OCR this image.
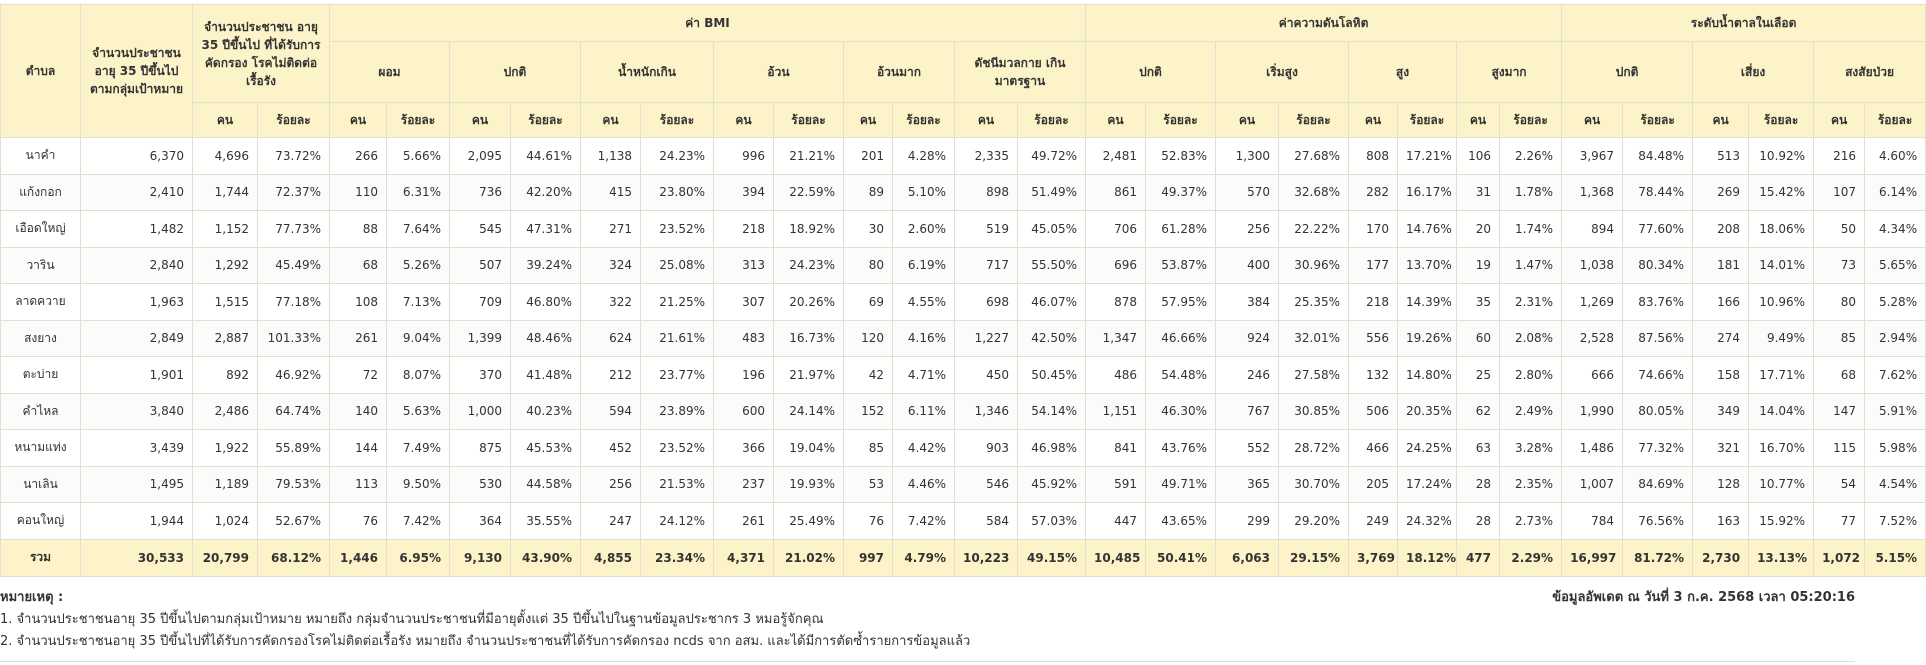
ตำบล	จำนวนประชาชน อายุ 35 ปีขึ้นไป ตามกลุ่มเป้าหมาย	จำนวนประชาชน อายุ 35 ปีขึ้นไป ที่ได้รับการคัดกรอง โรคไม่ติดต่อเรื้อรัง		ค่า BMI												ค่าความดันโลหิต								ระดับน้ำตาลในเลือด					
				ผอม		ปกติ		น้ำหนักเกิน		อ้วน		อ้วนมาก		ดัชนีมวลกาย เกินมาตรฐาน		ปกติ		เริ่มสูง		สูง		สูงมาก		ปกติ		เสี่ยง		สงสัยป่วย	
		คน	ร้อยละ	คน	ร้อยละ	คน	ร้อยละ	คน	ร้อยละ	คน	ร้อยละ	คน	ร้อยละ	คน	ร้อยละ	คน	ร้อยละ	คน	ร้อยละ	คน	ร้อยละ	คน	ร้อยละ	คน	ร้อยละ	คน	ร้อยละ	คน	ร้อยละ
นาคำ	6,370	4,696	73.72%	266	5.66%	2,095	44.61%	1,138	24.23%	996	21.21%	201	4.28%	2,335	49.72%	2,481	52.83%	1,300	27.68%	808	17.21%	106	2.26%	3,967	84.48%	513	10.92%	216	4.60%
แก้งกอก	2,410	1,744	72.37%	110	6.31%	736	42.20%	415	23.80%	394	22.59%	89	5.10%	898	51.49%	861	49.37%	570	32.68%	282	16.17%	31	1.78%	1,368	78.44%	269	15.42%	107	6.14%
เอือดใหญ่	1,482	1,152	77.73%	88	7.64%	545	47.31%	271	23.52%	218	18.92%	30	2.60%	519	45.05%	706	61.28%	256	22.22%	170	14.76%	20	1.74%	894	77.60%	208	18.06%	50	4.34%
วาริน	2,840	1,292	45.49%	68	5.26%	507	39.24%	324	25.08%	313	24.23%	80	6.19%	717	55.50%	696	53.87%	400	30.96%	177	13.70%	19	1.47%	1,038	80.34%	181	14.01%	73	5.65%
ลาดควาย	1,963	1,515	77.18%	108	7.13%	709	46.80%	322	21.25%	307	20.26%	69	4.55%	698	46.07%	878	57.95%	384	25.35%	218	14.39%	35	2.31%	1,269	83.76%	166	10.96%	80	5.28%
สงยาง	2,849	2,887	101.33%	261	9.04%	1,399	48.46%	624	21.61%	483	16.73%	120	4.16%	1,227	42.50%	1,347	46.66%	924	32.01%	556	19.26%	60	2.08%	2,528	87.56%	274	9.49%	85	2.94%
ตะบ่าย	1,901	892	46.92%	72	8.07%	370	41.48%	212	23.77%	196	21.97%	42	4.71%	450	50.45%	486	54.48%	246	27.58%	132	14.80%	25	2.80%	666	74.66%	158	17.71%	68	7.62%
คำไหล	3,840	2,486	64.74%	140	5.63%	1,000	40.23%	594	23.89%	600	24.14%	152	6.11%	1,346	54.14%	1,151	46.30%	767	30.85%	506	20.35%	62	2.49%	1,990	80.05%	349	14.04%	147	5.91%
หนามแท่ง	3,439	1,922	55.89%	144	7.49%	875	45.53%	452	23.52%	366	19.04%	85	4.42%	903	46.98%	841	43.76%	552	28.72%	466	24.25%	63	3.28%	1,486	77.32%	321	16.70%	115	5.98%
นาเลิน	1,495	1,189	79.53%	113	9.50%	530	44.58%	256	21.53%	237	19.93%	53	4.46%	546	45.92%	591	49.71%	365	30.70%	205	17.24%	28	2.35%	1,007	84.69%	128	10.77%	54	4.54%
คอนใหญ่	1,944	1,024	52.67%	76	7.42%	364	35.55%	247	24.12%	261	25.49%	76	7.42%	584	57.03%	447	43.65%	299	29.20%	249	24.32%	28	2.73%	784	76.56%	163	15.92%	77	7.52%
รวม	30,533	20,799	68.12%	1,446	6.95%	9,130	43.90%	4,855	23.34%	4,371	21.02%	997	4.79%	10,223	49.15%	10,485	50.41%	6,063	29.15%	3,769	18.12%	477	2.29%	16,997	81.72%	2,730	13.13%	1,072	5.15%
หมายเหตุ :
1. จำนวนประชาชนอายุ 35 ปีขึ้นไปตามกลุ่มเป้าหมาย หมายถึง กลุ่มจำนวนประชาชนที่มีอายุตั้งแต่ 35 ปีขึ้นไปในฐานข้อมูลประชากร 3 หมอรู้จักคุณ
2. จำนวนประชาชนอายุ 35 ปีขึ้นไปที่ได้รับการคัดกรองโรคไม่ติดต่อเรื้อรัง หมายถึง จำนวนประชาชนที่ได้รับการคัดกรอง ncds จาก อสม. และได้มีการตัดซ้ำรายการข้อมูลแล้ว
ข้อมูลอัพเดต ณ วันที่ 3 ก.ค. 2568 เวลา 05:20:16
